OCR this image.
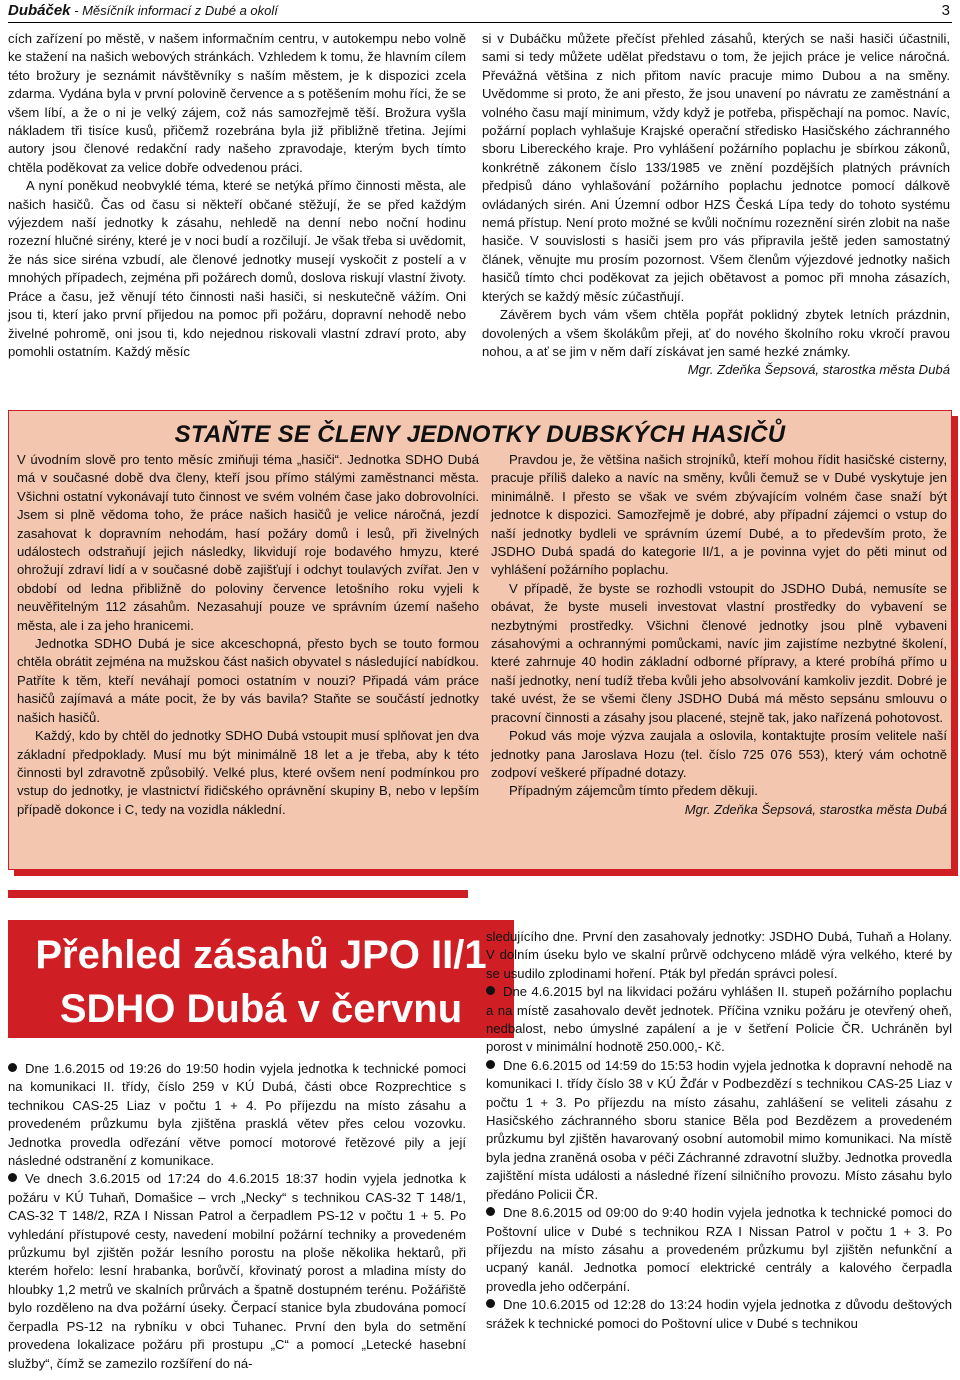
Dubáček - Měsíčník informací z Dubé a okolí	3

cích zařízení po městě, v našem informačním centru, v autokempu nebo volně ke stažení na našich webových stránkách. Vzhledem k tomu, že hlavním cílem této brožury je seznámit návštěvníky s naším městem, je k dispozici zcela zdarma. Vydána byla v první polovině července a s potěšením mohu říci, že se všem líbí, a že o ni je velký zájem, což nás samozřejmě těší. Brožura vyšla nákladem tři tisíce kusů, přičemž rozebrána byla již přibližně třetina. Jejími autory jsou členové redakční rady našeho zpravodaje, kterým bych tímto chtěla poděkovat za velice dobře odvedenou práci.

A nyní poněkud neobvyklé téma, které se netýká přímo činnosti města, ale našich hasičů. Čas od času si někteří občané stěžují, že se před každým výjezdem naší jednotky k zásahu, nehledě na denní nebo noční hodinu rozezní hlučné sirény, které je v noci budí a rozčilují. Je však třeba si uvědomit, že nás sice siréna vzbudí, ale členové jednotky musejí vyskočit z postelí a v mnohých případech, zejména při požárech domů, doslova riskují vlastní životy. Práce a času, jež věnují této činnosti naši hasiči, si neskutečně vážím. Oni jsou ti, kterí jako první přijedou na pomoc při požáru, dopravní nehodě nebo živelné pohromě, oni jsou ti, kdo nejednou riskovali vlastní zdraví proto, aby pomohli ostatním. Každý měsíc

si v Dubáčku můžete přečíst přehled zásahů, kterých se naši hasiči účastnili, sami si tedy můžete udělat představu o tom, že jejich práce je velice náročná. Převážná většina z nich přitom navíc pracuje mimo Dubou a na směny. Uvědomme si proto, že ani přesto, že jsou unavení po návratu ze zaměstnání a volného času mají minimum, vždy když je potřeba, přispěchají na pomoc. Navíc, požární poplach vyhlašuje Krajské operační středisko Hasičského záchranného sboru Libereckého kraje. Pro vyhlášení požárního poplachu je sbírkou zákonů, konkrétně zákonem číslo 133/1985 ve znění pozdějších platných právních předpisů dáno vyhlašování požárního poplachu jednotce pomocí dálkově ovládaných sirén. Ani Územní odbor HZS Česká Lípa tedy do tohoto systému nemá přístup. Není proto možné se kvůli nočnímu rozeznění sirén zlobit na naše hasiče. V souvislosti s hasiči jsem pro vás připravila ještě jeden samostatný článek, věnujte mu prosím pozornost. Všem členům výjezdové jednotky našich hasičů tímto chci poděkovat za jejich obětavost a pomoc při mnoha zásazích, kterých se každý měsíc zúčastňují.

Závěrem bych vám všem chtěla popřát poklidný zbytek letních prázdnin, dovolených a všem školákům přeji, ať do nového školního roku vkročí pravou nohou, a ať se jim v něm daří získávat jen samé hezké známky.

Mgr. Zdeňka Šepsová, starostka města Dubá

STAŇTE SE ČLENY JEDNOTKY DUBSKÝCH HASIČŮ

V úvodním slově pro tento měsíc zmiňuji téma „hasiči“. Jednotka SDHO Dubá má v současné době dva členy, kteří jsou přímo stálými zaměstnanci města. Všichni ostatní vykonávají tuto činnost ve svém volném čase jako dobrovolníci. Jsem si plně vědoma toho, že práce našich hasičů je velice náročná, jezdí zasahovat k dopravním nehodám, hasí požáry domů i lesů, při živelných událostech odstraňují jejich následky, likvidují roje bodavého hmyzu, které ohrožují zdraví lidí a v současné době zajišťují i odchyt toulavých zvířat. Jen v období od ledna přibližně do poloviny července letošního roku vyjeli k neuvěřitelným 112 zásahům. Nezasahují pouze ve správním území našeho města, ale i za jeho hranicemi.

Jednotka SDHO Dubá je sice akceschopná, přesto bych se touto formou chtěla obrátit zejména na mužskou část našich obyvatel s následující nabídkou. Patříte k těm, kteří neváhají pomoci ostatním v nouzi? Připadá vám práce hasičů zajímavá a máte pocit, že by vás bavila? Staňte se součástí jednotky našich hasičů.

Každý, kdo by chtěl do jednotky SDHO Dubá vstoupit musí splňovat jen dva základní předpoklady. Musí mu být minimálně 18 let a je třeba, aby k této činnosti byl zdravotně způsobilý. Velké plus, které ovšem není podmínkou pro vstup do jednotky, je vlastnictví řidičského oprávnění skupiny B, nebo v lepším případě dokonce i C, tedy na vozidla náklední.

Pravdou je, že většina našich strojníků, kteří mohou řídit hasičské cisterny, pracuje příliš daleko a navíc na směny, kvůli čemuž se v Dubé vyskytuje jen minimálně. I přesto se však ve svém zbývajícím volném čase snaží být jednotce k dispozici. Samozřejmě je dobré, aby případní zájemci o vstup do naší jednotky bydleli ve správním území Dubé, a to především proto, že JSDHO Dubá spadá do kategorie II/1, a je povinna vyjet do pěti minut od vyhlášení požárního poplachu.

V případě, že byste se rozhodli vstoupit do JSDHO Dubá, nemusíte se obávat, že byste museli investovat vlastní prostředky do vybavení se nezbytnými prostředky. Všichni členové jednotky jsou plně vybaveni zásahovými a ochrannými pomůckami, navíc jim zajistíme nezbytné školení, které zahrnuje 40 hodin základní odborné přípravy, a které probíhá přímo u naší jednotky, není tudíž třeba kvůli jeho absolvování kamkoliv jezdit. Dobré je také uvést, že se všemi členy JSDHO Dubá má město sepsánu smlouvu o pracovní činnosti a zásahy jsou placené, stejně tak, jako nařízená pohotovost.

Pokud vás moje výzva zaujala a oslovila, kontaktujte prosím velitele naší jednotky pana Jaroslava Hozu (tel. číslo 725 076 553), který vám ochotně zodpoví veškeré případné dotazy.

Případným zájemcům tímto předem děkuji.

Mgr. Zdeňka Šepsová, starostka města Dubá

Přehled zásahů JPO II/1
SDHO Dubá v červnu

Dne 1.6.2015 od 19:26 do 19:50 hodin vyjela jednotka k technické pomoci na komunikaci II. třídy, číslo 259 v KÚ Dubá, části obce Rozprechtice s technikou CAS-25 Liaz v počtu 1 + 4. Po příjezdu na místo zásahu a provedeném průzkumu byla zjištěna prasklá větev přes celou vozovku. Jednotka provedla odřezání větve pomocí motorové řetězové pily a její následné odstranění z komunikace.

Ve dnech 3.6.2015 od 17:24 do 4.6.2015 18:37 hodin vyjela jednotka k požáru v KÚ Tuhaň, Domašice – vrch „Necky“ s technikou CAS-32 T 148/1, CAS-32 T 148/2, RZA I Nissan Patrol a čerpadlem PS-12 v počtu 1 + 5. Po vyhledání přístupové cesty, navedení mobilní požární techniky a provedeném průzkumu byl zjištěn požár lesního porostu na ploše několika hektarů, při kterém hořelo: lesní hrabanka, borůvčí, křovinatý porost a mladina místy do hloubky 1,2 metrů ve skalních průrvách a špatně dostupném terénu. Požářiště bylo rozděleno na dva požární úseky. Čerpací stanice byla zbudována pomocí čerpadla PS-12 na rybníku v obci Tuhanec. První den byla do setmění provedena lokalizace požáru při prostupu „C“ a pomocí „Letecké hasební služby“, čímž se zamezilo rozšíření do ná-

sledujícího dne. První den zasahovaly jednotky: JSDHO Dubá, Tuhaň a Holany. V dolním úseku bylo ve skalní průrvě odchyceno mládě výra velkého, které by se usudilo zplodinami hoření. Pták byl předán správci polesí.

Dne 4.6.2015 byl na likvidaci požáru vyhlášen II. stupeň požárního poplachu a na místě zasahovalo devět jednotek. Příčina vzniku požáru je otevřený oheň, nedbalost, nebo úmyslné zapálení a je v šetření Policie ČR. Uchráněn byl porost v minimální hodnotě 250.000,- Kč.

Dne 6.6.2015 od 14:59 do 15:53 hodin vyjela jednotka k dopravní nehodě na komunikaci I. třídy číslo 38 v KÚ Žďár v Podbezdězí s technikou CAS-25 Liaz v počtu 1 + 3. Po příjezdu na místo zásahu, zahlášení se veliteli zásahu z Hasičského záchranného sboru stanice Běla pod Bezdězem a provedeném průzkumu byl zjištěn havarovaný osobní automobil mimo komunikaci. Na místě byla jedna zraněná osoba v péči Záchranné zdravotní služby. Jednotka provedla zajištění místa události a následné řízení silničního provozu. Místo zásahu bylo předáno Policii ČR.

Dne 8.6.2015 od 09:00 do 9:40 hodin vyjela jednotka k technické pomoci do Poštovní ulice v Dubé s technikou RZA I Nissan Patrol v počtu 1 + 3. Po příjezdu na místo zásahu a provedeném průzkumu byl zjištěn nefunkční a ucpaný kanál. Jednotka pomocí elektrické centrály a kalového čerpadla provedla jeho odčerpání.

Dne 10.6.2015 od 12:28 do 13:24 hodin vyjela jednotka z důvodu deštových srážek k technické pomoci do Poštovní ulice v Dubé s technikou
